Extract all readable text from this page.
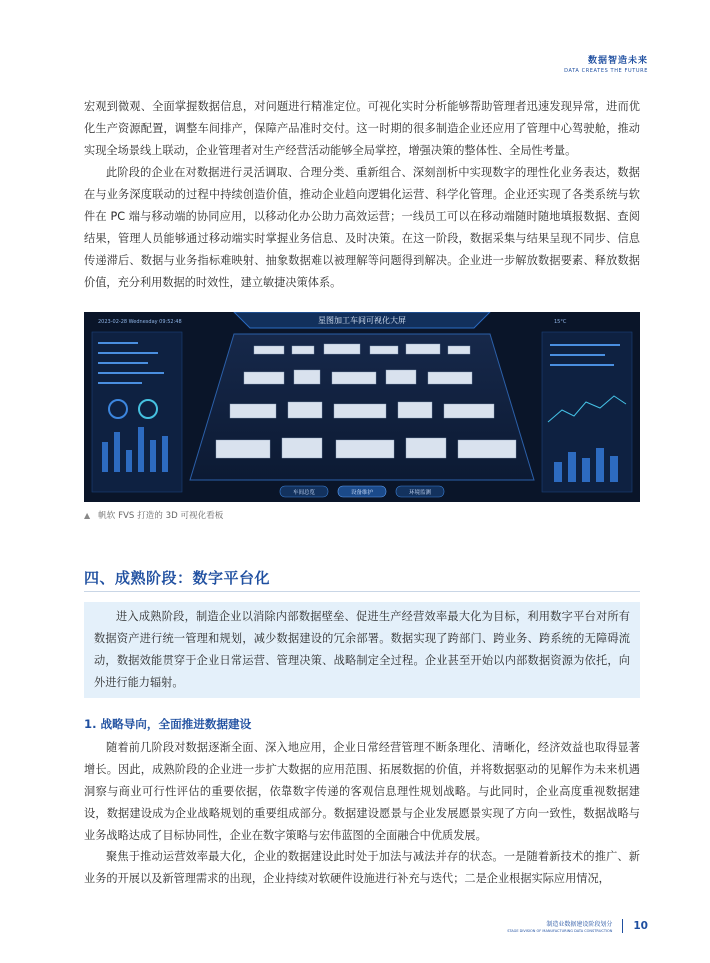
数据智造未来
DATA CREATES THE FUTURE

宏观到微观、全面掌握数据信息，对问题进行精准定位。可视化实时分析能够帮助管理者迅速发现异常，进而优化生产资源配置，调整车间排产，保障产品准时交付。这一时期的很多制造企业还应用了管理中心驾驶舱，推动实现全场景线上联动，企业管理者对生产经营活动能够全局掌控，增强决策的整体性、全局性考量。

此阶段的企业在对数据进行灵活调取、合理分类、重新组合、深刻剖析中实现数字的理性化业务表达，数据在与业务深度联动的过程中持续创造价值，推动企业趋向逻辑化运营、科学化管理。企业还实现了各类系统与软件在 PC 端与移动端的协同应用，以移动化办公助力高效运营；一线员工可以在移动端随时随地填报数据、查阅结果，管理人员能够通过移动端实时掌握业务信息、及时决策。在这一阶段，数据采集与结果呈现不同步、信息传递滞后、数据与业务指标难映射、抽象数据难以被理解等问题得到解决。企业进一步解放数据要素、释放数据价值，充分利用数据的时效性，建立敏捷决策体系。

星图加工车间可视化大屏
2023-02-28 Wednesday 09:52:48	15°C
车间总览	设备维护	环境监测
▲ 帆软 FVS 打造的 3D 可视化看板
四、成熟阶段：数字平台化

进入成熟阶段，制造企业以消除内部数据壁垒、促进生产经营效率最大化为目标，利用数字平台对所有数据资产进行统一管理和规划，减少数据建设的冗余部署。数据实现了跨部门、跨业务、跨系统的无障碍流动，数据效能贯穿于企业日常运营、管理决策、战略制定全过程。企业甚至开始以内部数据资源为依托，向外进行能力辐射。

1. 战略导向，全面推进数据建设

随着前几阶段对数据逐渐全面、深入地应用，企业日常经营管理不断条理化、清晰化，经济效益也取得显著增长。因此，成熟阶段的企业进一步扩大数据的应用范围、拓展数据的价值，并将数据驱动的见解作为未来机遇洞察与商业可行性评估的重要依据，依靠数字传递的客观信息理性规划战略。与此同时，企业高度重视数据建设，数据建设成为企业战略规划的重要组成部分。数据建设愿景与企业发展愿景实现了方向一致性，数据战略与业务战略达成了目标协同性，企业在数字策略与宏伟蓝图的全面融合中优质发展。

聚焦于推动运营效率最大化，企业的数据建设此时处于加法与减法并存的状态。一是随着新技术的推广、新业务的开展以及新管理需求的出现，企业持续对软硬件设施进行补充与迭代；二是企业根据实际应用情况，

制造业数据建设阶段划分
STAGE DIVISION OF MANUFACTURING DATA CONSTRUCTION 10
